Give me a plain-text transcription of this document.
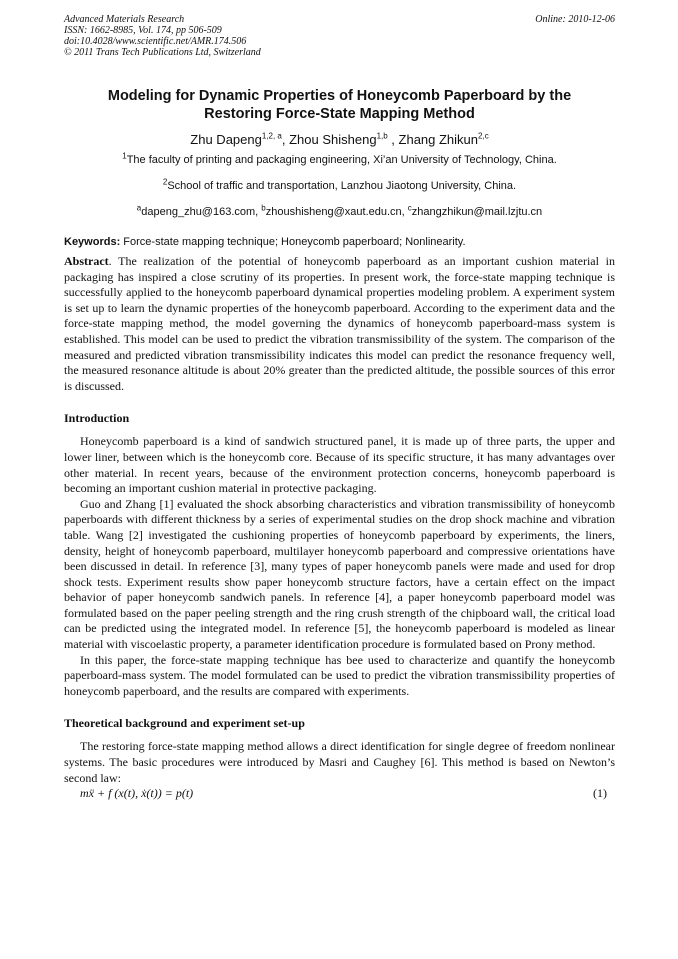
Advanced Materials Research
ISSN: 1662-8985, Vol. 174, pp 506-509
doi:10.4028/www.scientific.net/AMR.174.506
© 2011 Trans Tech Publications Ltd, Switzerland
Online: 2010-12-06
Modeling for Dynamic Properties of Honeycomb Paperboard by the
Restoring Force-State Mapping Method
Zhu Dapeng$^{1,2, a}$, Zhou Shisheng$^{1,b}$ , Zhang Zhikun$^{2,c}$
$^1$The faculty of printing and packaging engineering, Xi’an University of Technology, China.
$^2$School of traffic and transportation, Lanzhou Jiaotong University, China.
$^a$dapeng_zhu@163.com, $^b$zhoushisheng@xaut.edu.cn, $^c$zhangzhikun@mail.lzjtu.cn
Keywords: Force-state mapping technique; Honeycomb paperboard; Nonlinearity.
Abstract. The realization of the potential of honeycomb paperboard as an important cushion material in packaging has inspired a close scrutiny of its properties. In present work, the force-state mapping technique is successfully applied to the honeycomb paperboard dynamical properties modeling problem. A experiment system is set up to learn the dynamic properties of the honeycomb paperboard. According to the experiment data and the force-state mapping method, the model governing the dynamics of honeycomb paperboard-mass system is established. This model can be used to predict the vibration transmissibility of the system. The comparison of the measured and predicted vibration transmissibility indicates this model can predict the resonance frequency well, the measured resonance altitude is about 20% greater than the predicted altitude, the possible sources of this error is discussed.
Introduction

Honeycomb paperboard is a kind of sandwich structured panel, it is made up of three parts, the upper and lower liner, between which is the honeycomb core. Because of its specific structure, it has many advantages over other material. In recent years, because of the environment protection concerns, honeycomb paperboard is becoming an important cushion material in protective packaging.

Guo and Zhang [1] evaluated the shock absorbing characteristics and vibration transmissibility of honeycomb paperboards with different thickness by a series of experimental studies on the drop shock machine and vibration table. Wang [2] investigated the cushioning properties of honeycomb paperboard by experiments, the liners, density, height of honeycomb paperboard, multilayer honeycomb paperboard and compressive orientations have been discussed in detail. In reference [3], many types of paper honeycomb panels were made and used for drop shock tests. Experiment results show paper honeycomb structure factors, have a certain effect on the impact behavior of paper honeycomb sandwich panels. In reference [4], a paper honeycomb paperboard model was formulated based on the paper peeling strength and the ring crush strength of the chipboard wall, the critical load can be predicted using the integrated model. In reference [5], the honeycomb paperboard is modeled as linear material with viscoelastic property, a parameter identification procedure is formulated based on Prony method.

In this paper, the force-state mapping technique has bee used to characterize and quantify the honeycomb paperboard-mass system. The model formulated can be used to predict the vibration transmissibility properties of honeycomb paperboard, and the results are compared with experiments.

Theoretical background and experiment set-up

The restoring force-state mapping method allows a direct identification for single degree of freedom nonlinear systems. The basic procedures were introduced by Masri and Caughey [6]. This method is based on Newton’s second law:

mẍ + f (x(t), ẋ(t)) = p(t)	(1)
